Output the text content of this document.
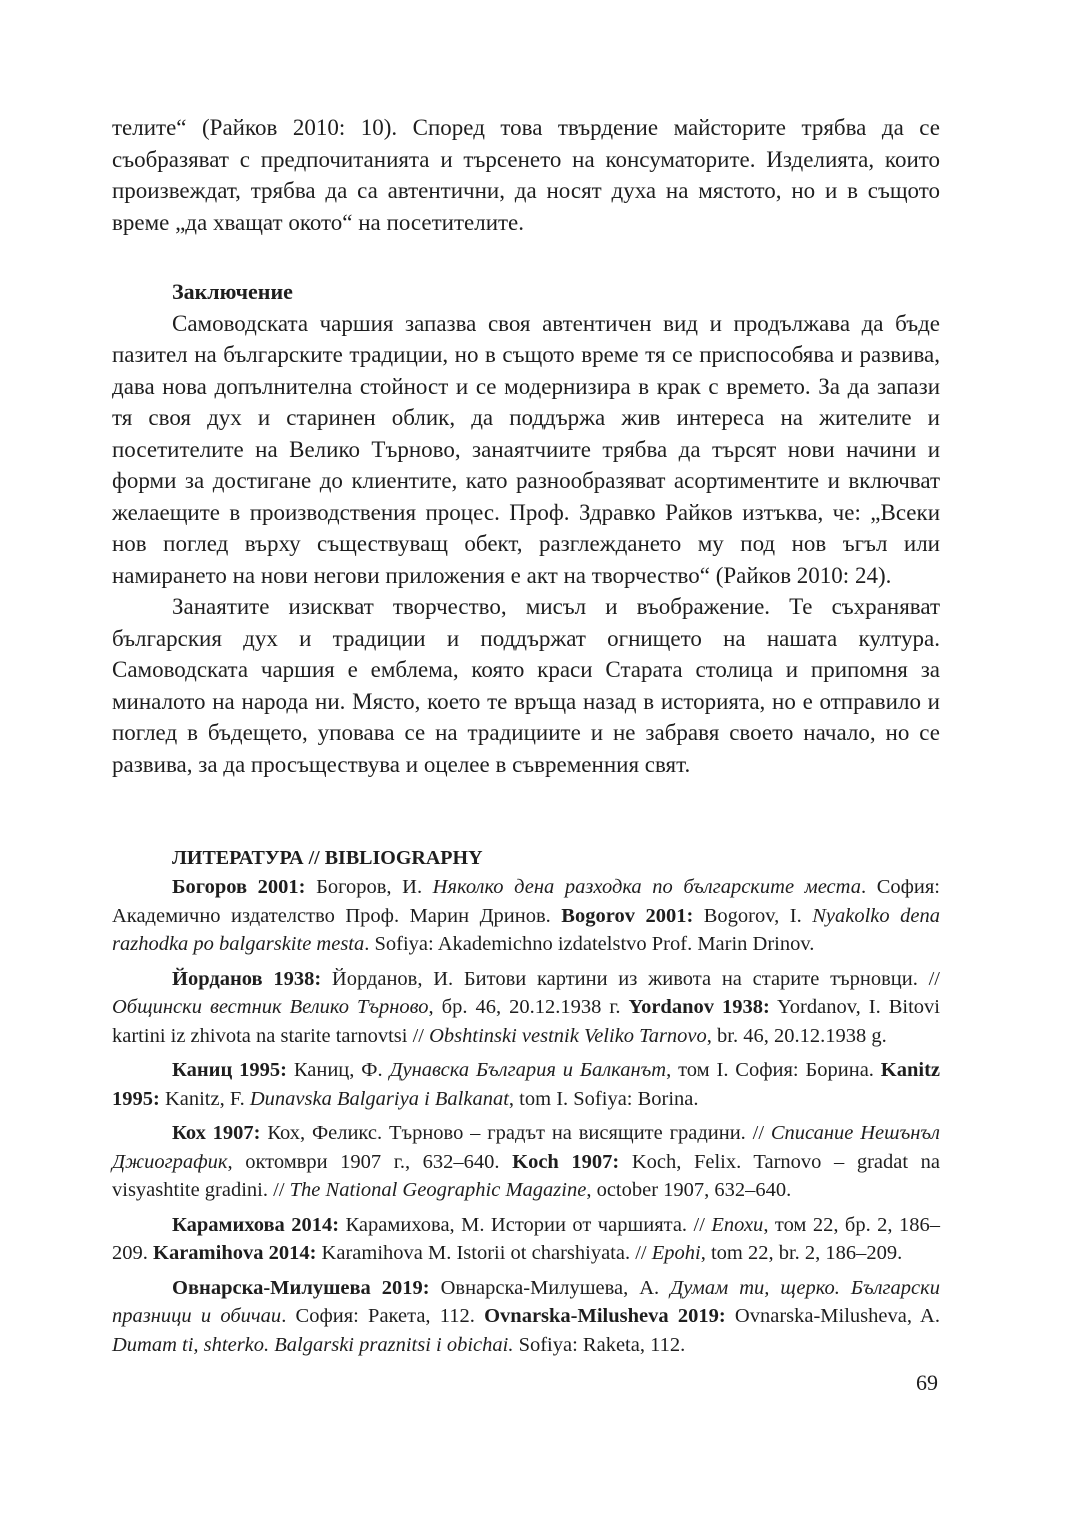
телите“ (Райков 2010: 10). Според това твърдение майсторите трябва да се съобразяват с предпочитанията и търсенето на консуматорите. Изделията, които произвеждат, трябва да са автентични, да носят духа на мястото, но и в същото време „да хващат окото“ на посетителите.

Заключение

Самоводската чаршия запазва своя автентичен вид и продължава да бъде пазител на българските традиции, но в същото време тя се приспособява и развива, дава нова допълнителна стойност и се модернизира в крак с времето. За да запази тя своя дух и старинен облик, да поддържа жив интереса на жителите и посетителите на Велико Търново, занаятчиите трябва да търсят нови начини и форми за достигане до клиентите, като разнообразяват асортиментите и включват желаещите в производствения процес. Проф. Здравко Райков изтъква, че: „Всеки нов поглед върху съществуващ обект, разглеждането му под нов ъгъл или намирането на нови негови приложения е акт на творчество“ (Райков 2010: 24).

Занаятите изискват творчество, мисъл и въображение. Те съхраняват българския дух и традиции и поддържат огнището на нашата култура. Самоводската чаршия е емблема, която краси Старата столица и припомня за миналото на народа ни. Място, което те връща назад в историята, но е отправило и поглед в бъдещето, уповава се на традициите и не забравя своето начало, но се развива, за да просъществува и оцелее в съвременния свят.

ЛИТЕРАТУРА // BIBLIOGRAPHY

Богоров 2001: Богоров, И. Няколко дена разходка по българските места. София: Академично издателство Проф. Марин Дринов. Bogorov 2001: Bogorov, I. Nyakolko dena razhodka po balgarskite mesta. Sofiya: Akademichno izdatelstvo Prof. Marin Drinov.

Йорданов 1938: Йорданов, И. Битови картини из живота на старите търновци. // Общински вестник Велико Търново, бр. 46, 20.12.1938 г. Yordanov 1938: Yordanov, I. Bitovi kartini iz zhivota na starite tarnovtsi // Obshtinski vestnik Veliko Tarnovo, br. 46, 20.12.1938 g.

Каниц 1995: Каниц, Ф. Дунавска България и Балканът, том I. София: Борина. Kanitz 1995: Kanitz, F. Dunavska Balgariya i Balkanat, tom I. Sofiya: Borina.

Кох 1907: Кох, Феликс. Търново – градът на висящите градини. // Списание Нешънъл Джиографик, октомври 1907 г., 632–640. Koch 1907: Koch, Felix. Tarnovo – gradat na visyashtite gradini. // The National Geographic Magazine, october 1907, 632–640.

Карамихова 2014: Карамихова, М. Истории от чаршията. // Епохи, том 22, бр. 2, 186–209. Karamihova 2014: Karamihova M. Istorii ot charshiyata. // Epohi, tom 22, br. 2, 186–209.

Овнарска-Милушева 2019: Овнарска-Милушева, А. Думам ти, щерко. Български празници и обичаи. София: Ракета, 112. Ovnarska-Milusheva 2019: Ovnarska-Milusheva, A. Dumam ti, shterko. Balgarski praznitsi i obichai. Sofiya: Raketa, 112.

69
